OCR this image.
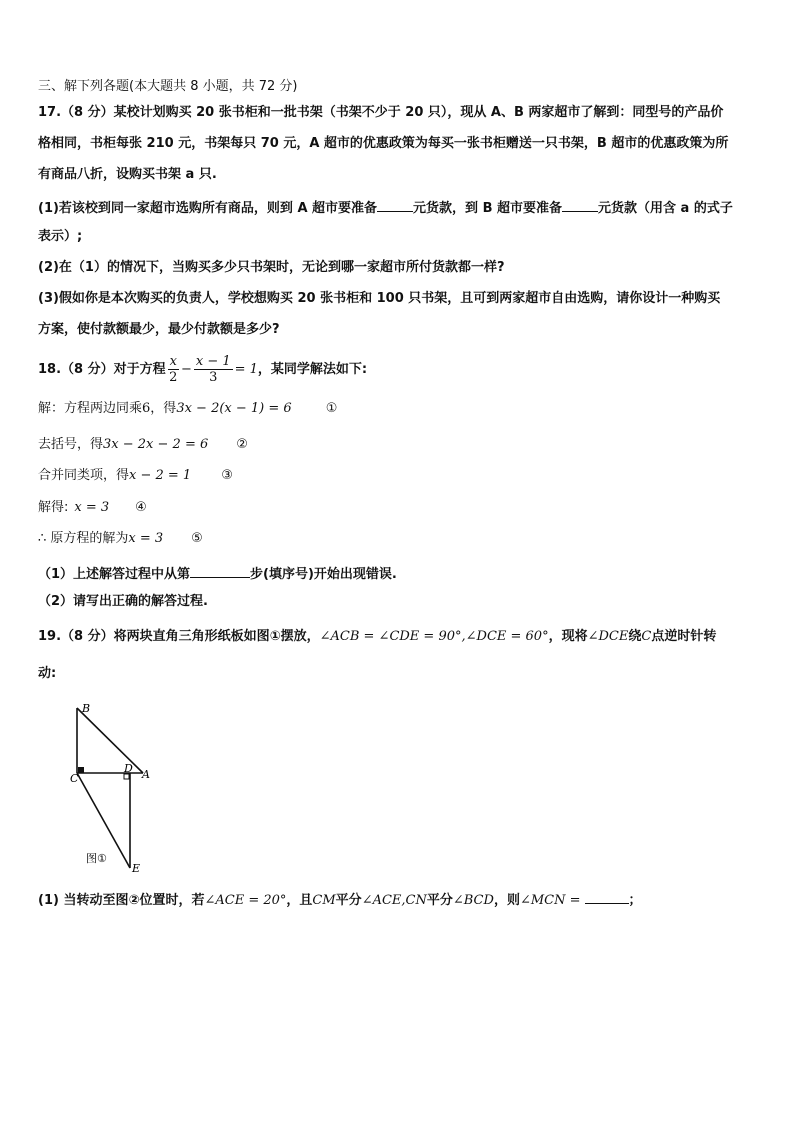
三、解下列各题(本大题共 8 小题，共 72 分)
17.（8 分）某校计划购买 20 张书柜和一批书架（书架不少于 20 只），现从 A、B 两家超市了解到：同型号的产品价
格相同，书柜每张 210 元，书架每只 70 元，A 超市的优惠政策为每买一张书柜赠送一只书架，B 超市的优惠政策为所
有商品八折，设购买书架 a 只.
(1)若该校到同一家超市选购所有商品，则到 A 超市要准备	元货款，到 B 超市要准备	元货款（用含 a 的式子
表示）;
(2)在（1）的情况下，当购买多少只书架时，无论到哪一家超市所付货款都一样?
(3)假如你是本次购买的负责人，学校想购买 20 张书柜和 100 只书架，且可到两家超市自由选购，请你设计一种购买
方案，使付款额最少，最少付款额是多少?
18.（8 分）对于方程 $\frac{x}{2} - \frac{x - 1}{3} = 1$，某同学解法如下:
解：方程两边同乘6，得3x − 2(x − 1) = 6	①
去括号，得3x − 2x − 2 = 6 ②
合并同类项，得x − 2 = 1 ③
解得: x = 3 ④
∴ 原方程的解为x = 3 ⑤
（1）上述解答过程中从第	步(填序号)开始出现错误.
（2）请写出正确的解答过程.
19.（8 分）将两块直角三角形纸板如图①摆放，∠ACB = ∠CDE = 90°,∠DCE = 60°，现将∠DCE绕C点逆时针转
动:
B
C
D A
E
图①
(1) 当转动至图②位置时，若∠ACE = 20°，且CM平分∠ACE,CN平分∠BCD，则∠MCN =	；
